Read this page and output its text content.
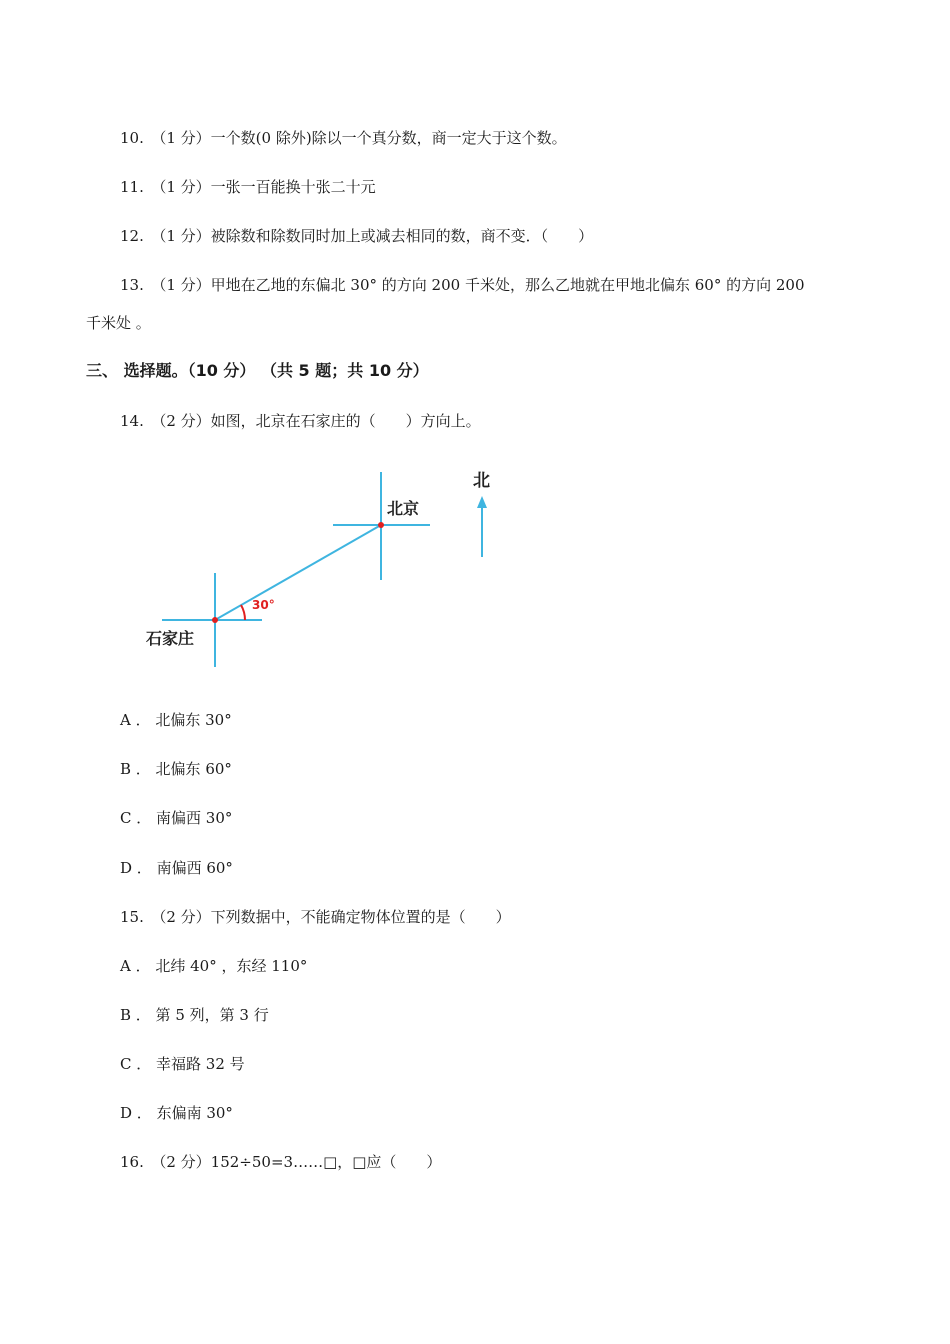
10.　（1 分）一个数(0 除外)除以一个真分数，商一定大于这个数。
11.　（1 分）一张一百能换十张二十元
12.　（1 分）被除数和除数同时加上或减去相同的数，商不变．（　　）
13.　（1 分）甲地在乙地的东偏北 30° 的方向 200 千米处，那么乙地就在甲地北偏东 60° 的方向 200
千米处 。
三、 选择题。（10 分） （共 5 题；共 10 分）
14.　（2 分）如图，北京在石家庄的（　　）方向上。
北
北京
石家庄
30°
A ． 北偏东 30°
B ． 北偏东 60°
C ． 南偏西 30°
D ． 南偏西 60°
15.　（2 分）下列数据中，不能确定物体位置的是（　　）
A ． 北纬 40° ，东经 110°
B ． 第 5 列，第 3 行
C ． 幸福路 32 号
D ． 东偏南 30°
16.　（2 分）152÷50=3……□，□应（　　）
